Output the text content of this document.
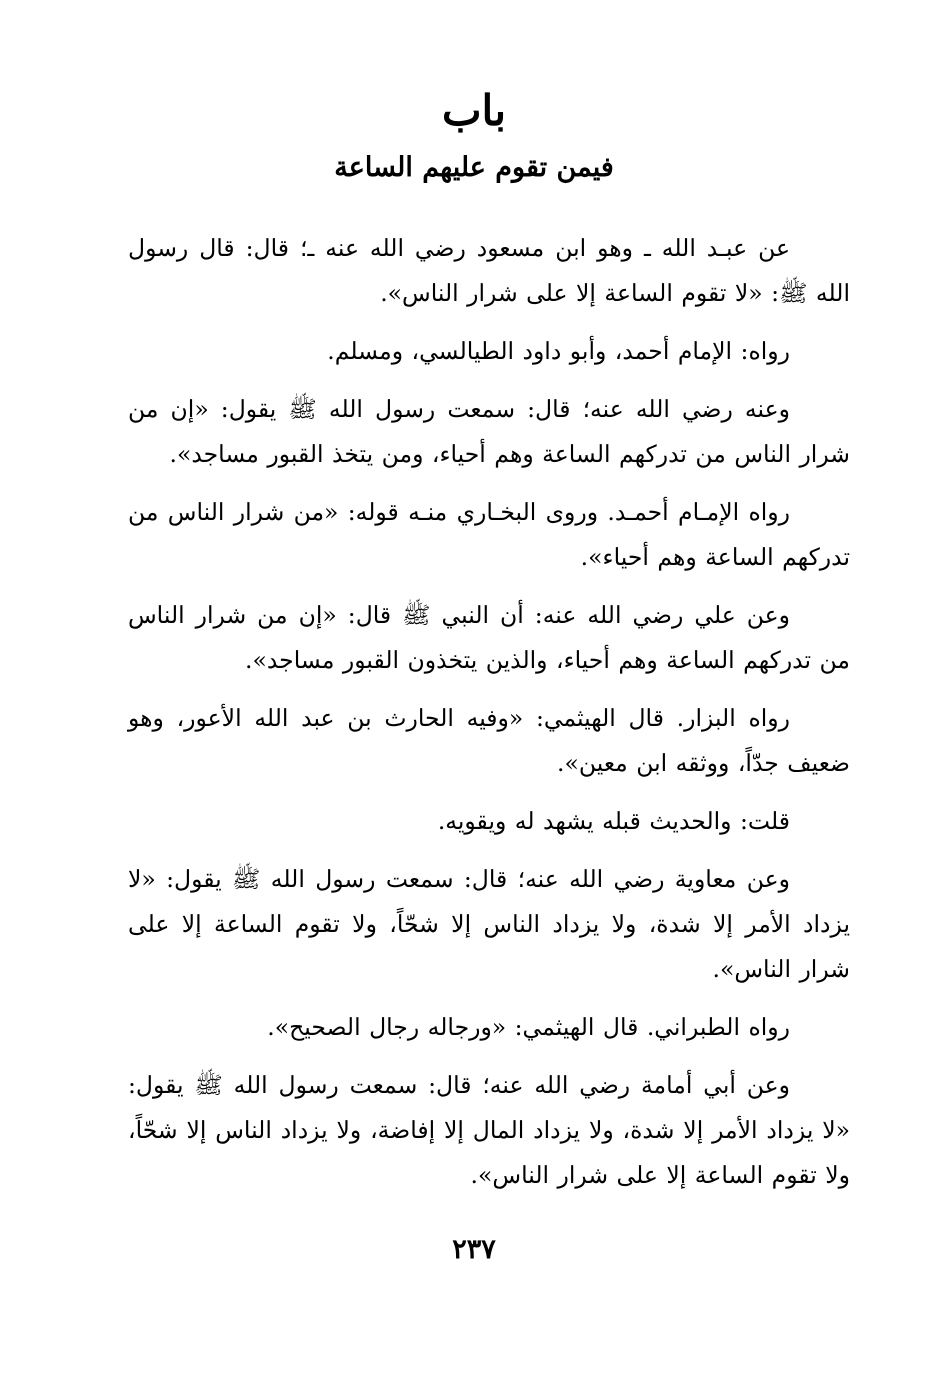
باب
فيمن تقوم عليهم الساعة

عن عبـد الله ـ وهو ابن مسعود رضي الله عنه ـ؛ قال: قال رسول الله ﷺ: «لا تقوم الساعة إلا على شرار الناس».

رواه: الإمام أحمد، وأبو داود الطيالسي، ومسلم.

وعنه رضي الله عنه؛ قال: سمعت رسول الله ﷺ يقول: «إن من شرار الناس من تدركهم الساعة وهم أحياء، ومن يتخذ القبور مساجد».

رواه الإمـام أحمـد. وروى البخـاري منـه قوله: «من شرار الناس من تدركهم الساعة وهم أحياء».

وعن علي رضي الله عنه: أن النبي ﷺ قال: «إن من شرار الناس من تدركهم الساعة وهم أحياء، والذين يتخذون القبور مساجد».

رواه البزار. قال الهيثمي: «وفيه الحارث بن عبد الله الأعور، وهو ضعيف جدّاً، ووثقه ابن معين».

قلت: والحديث قبله يشهد له ويقويه.

وعن معاوية رضي الله عنه؛ قال: سمعت رسول الله ﷺ يقول: «لا يزداد الأمر إلا شدة، ولا يزداد الناس إلا شحّاً، ولا تقوم الساعة إلا على شرار الناس».

رواه الطبراني. قال الهيثمي: «ورجاله رجال الصحيح».

وعن أبي أمامة رضي الله عنه؛ قال: سمعت رسول الله ﷺ يقول: «لا يزداد الأمر إلا شدة، ولا يزداد المال إلا إفاضة، ولا يزداد الناس إلا شحّاً، ولا تقوم الساعة إلا على شرار الناس».

٢٣٧
